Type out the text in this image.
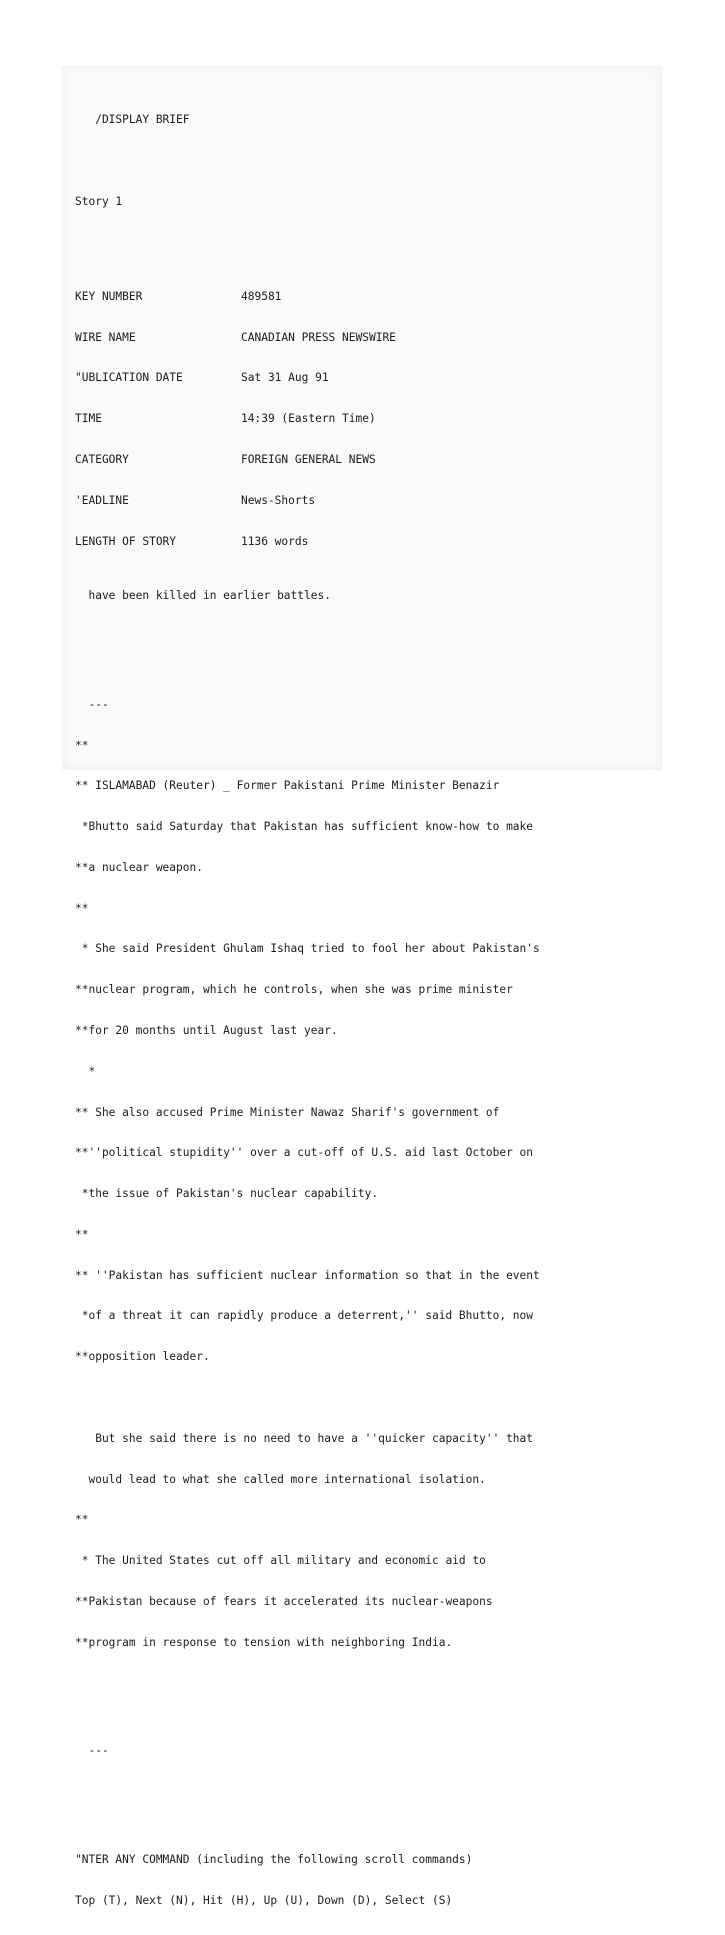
/DISPLAY BRIEF

Story 1

KEY NUMBER	489581

WIRE NAME	CANADIAN PRESS NEWSWIRE

"UBLICATION DATE	Sat 31 Aug 91

TIME	14:39 (Eastern Time)

CATEGORY	FOREIGN GENERAL NEWS

'EADLINE	News-Shorts

LENGTH OF STORY	1136 words

have been killed in earlier battles.

---

**

** ISLAMABAD (Reuter) _ Former Pakistani Prime Minister Benazir

*Bhutto said Saturday that Pakistan has sufficient know-how to make

**a nuclear weapon.

**

* She said President Ghulam Ishaq tried to fool her about Pakistan's

**nuclear program, which he controls, when she was prime minister

**for 20 months until August last year.

*

** She also accused Prime Minister Nawaz Sharif's government of

**''political stupidity'' over a cut-off of U.S. aid last October on

*the issue of Pakistan's nuclear capability.

**

** ''Pakistan has sufficient nuclear information so that in the event

*of a threat it can rapidly produce a deterrent,'' said Bhutto, now

**opposition leader.

But she said there is no need to have a ''quicker capacity'' that

would lead to what she called more international isolation.

**

* The United States cut off all military and economic aid to

**Pakistan because of fears it accelerated its nuclear-weapons

**program in response to tension with neighboring India.

---

"NTER ANY COMMAND (including the following scroll commands)

Top (T), Next (N), Hit (H), Up (U), Down (D), Select (S)
